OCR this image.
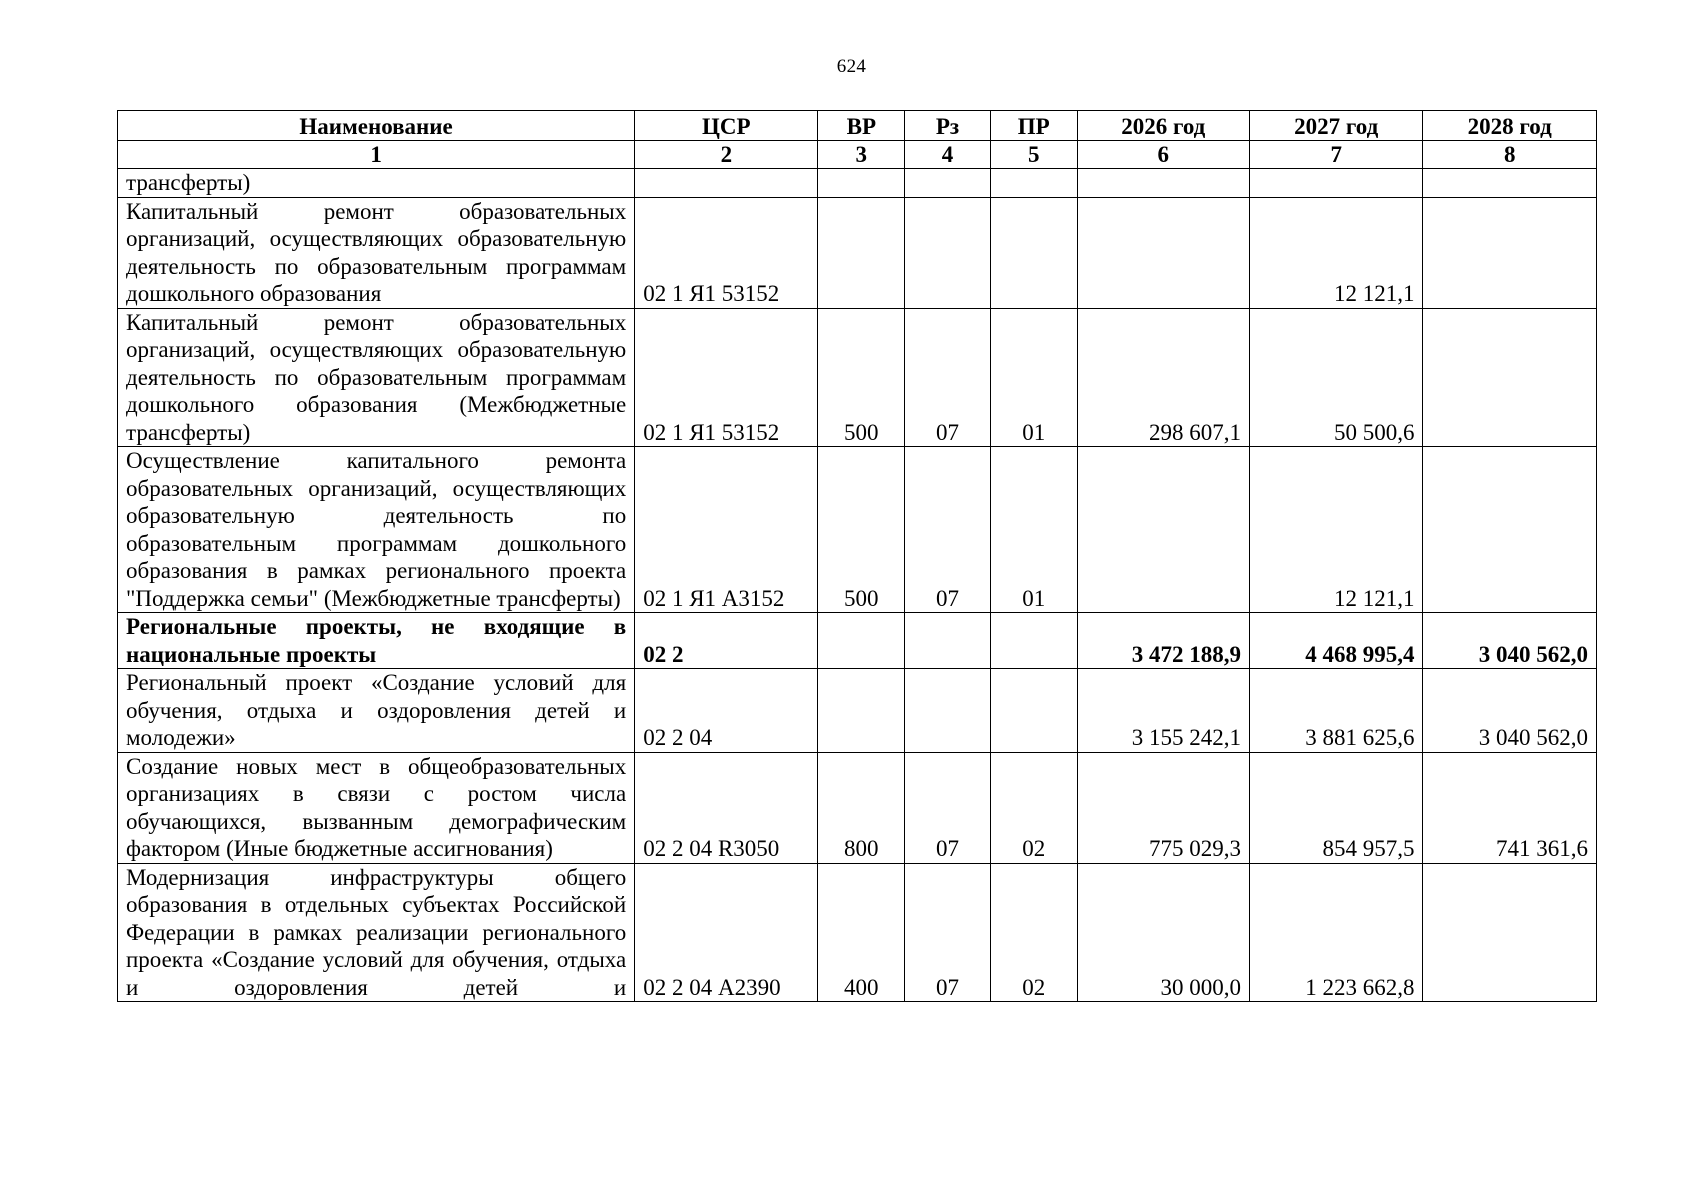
624
Наименование	ЦСР	ВР	Рз	ПР	2026 год	2027 год	2028 год
1	2	3	4	5	6	7	8
трансферты)							
Капитальный ремонт образовательных организаций, осуществляющих образовательную деятельность по образовательным программам дошкольного образования	02 1 Я1 53152					12 121,1	
Капитальный ремонт образовательных организаций, осуществляющих образовательную деятельность по образовательным программам дошкольного образования (Межбюджетные трансферты)	02 1 Я1 53152	500	07	01	298 607,1	50 500,6	
Осуществление капитального ремонта образовательных организаций, осуществляющих образовательную деятельность по образовательным программам дошкольного образования в рамках регионального проекта "Поддержка семьи" (Межбюджетные трансферты)	02 1 Я1 А3152	500	07	01		12 121,1	
Региональные проекты, не входящие в национальные проекты	02 2				3 472 188,9	4 468 995,4	3 040 562,0
Региональный проект «Создание условий для обучения, отдыха и оздоровления детей и молодежи»	02 2 04				3 155 242,1	3 881 625,6	3 040 562,0
Создание новых мест в общеобразовательных организациях в связи с ростом числа обучающихся, вызванным демографическим фактором (Иные бюджетные ассигнования)	02 2 04 R3050	800	07	02	775 029,3	854 957,5	741 361,6
Модернизация инфраструктуры общего образования в отдельных субъектах Российской Федерации в рамках реализации регионального проекта «Создание условий для обучения, отдыха и оздоровления детей и	02 2 04 А2390	400	07	02	30 000,0	1 223 662,8	
